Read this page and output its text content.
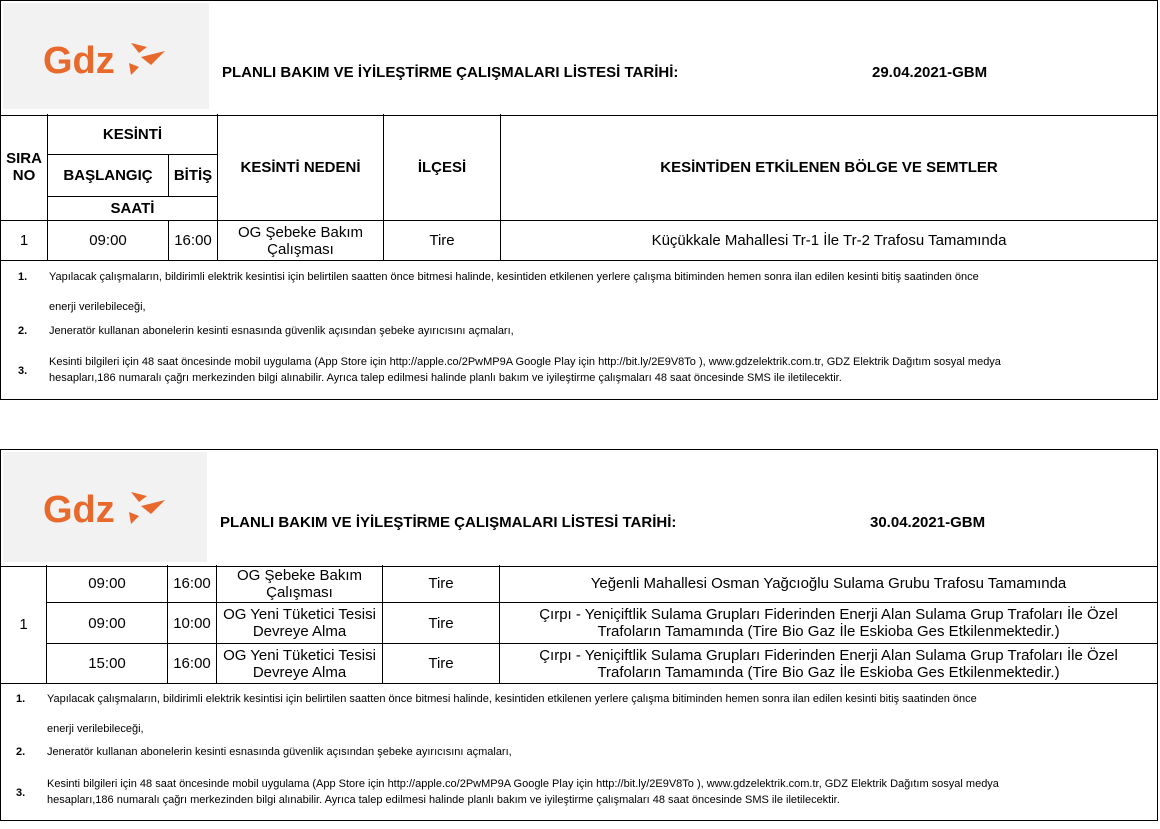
Gdz	PLANLI BAKIM VE İYİLEŞTİRME ÇALIŞMALARI LİSTESİ TARİHİ:	29.04.2021-GBM
SIRA NO
KESİNTİ
BAŞLANGIÇ	BİTİŞ
SAATİ
KESİNTİ NEDENİ	İLÇESİ	KESİNTİDEN ETKİLENEN BÖLGE VE SEMTLER
1	09:00	16:00	OG Şebeke Bakım Çalışması	Tire	Küçükkale Mahallesi Tr-1 İle Tr-2 Trafosu Tamamında
1. Yapılacak çalışmaların, bildirimli elektrik kesintisi için belirtilen saatten önce bitmesi halinde, kesintiden etkilenen yerlere çalışma bitiminden hemen sonra ilan edilen kesinti bitiş saatinden önce
enerji verilebileceği,
2. Jeneratör kullanan abonelerin kesinti esnasında güvenlik açısından şebeke ayırıcısını açmaları,
3.
Kesinti bilgileri için 48 saat öncesinde mobil uygulama (App Store için http://apple.co/2PwMP9A Google Play için http://bit.ly/2E9V8To ), www.gdzelektrik.com.tr, GDZ Elektrik Dağıtım sosyal medya
hesapları,186 numaralı çağrı merkezinden bilgi alınabilir. Ayrıca talep edilmesi halinde planlı bakım ve iyileştirme çalışmaları 48 saat öncesinde SMS ile iletilecektir.
Gdz	PLANLI BAKIM VE İYİLEŞTİRME ÇALIŞMALARI LİSTESİ TARİHİ:	30.04.2021-GBM
1
09:00	16:00	OG Şebeke Bakım Çalışması	Tire	Yeğenli Mahallesi Osman Yağcıoğlu Sulama Grubu Trafosu Tamamında
09:00	10:00 OG Yeni Tüketici Tesisi Devreye Alma	Tire	Çırpı - Yeniçiftlik Sulama Grupları Fiderinden Enerji Alan Sulama Grup Trafoları İle Özel Trafoların Tamamında (Tire Bio Gaz İle Eskioba Ges Etkilenmektedir.)
15:00	16:00 OG Yeni Tüketici Tesisi Devreye Alma	Tire	Çırpı - Yeniçiftlik Sulama Grupları Fiderinden Enerji Alan Sulama Grup Trafoları İle Özel Trafoların Tamamında (Tire Bio Gaz İle Eskioba Ges Etkilenmektedir.)
1. Yapılacak çalışmaların, bildirimli elektrik kesintisi için belirtilen saatten önce bitmesi halinde, kesintiden etkilenen yerlere çalışma bitiminden hemen sonra ilan edilen kesinti bitiş saatinden önce
enerji verilebileceği,
2. Jeneratör kullanan abonelerin kesinti esnasında güvenlik açısından şebeke ayırıcısını açmaları,
3.
Kesinti bilgileri için 48 saat öncesinde mobil uygulama (App Store için http://apple.co/2PwMP9A Google Play için http://bit.ly/2E9V8To ), www.gdzelektrik.com.tr, GDZ Elektrik Dağıtım sosyal medya
hesapları,186 numaralı çağrı merkezinden bilgi alınabilir. Ayrıca talep edilmesi halinde planlı bakım ve iyileştirme çalışmaları 48 saat öncesinde SMS ile iletilecektir.
